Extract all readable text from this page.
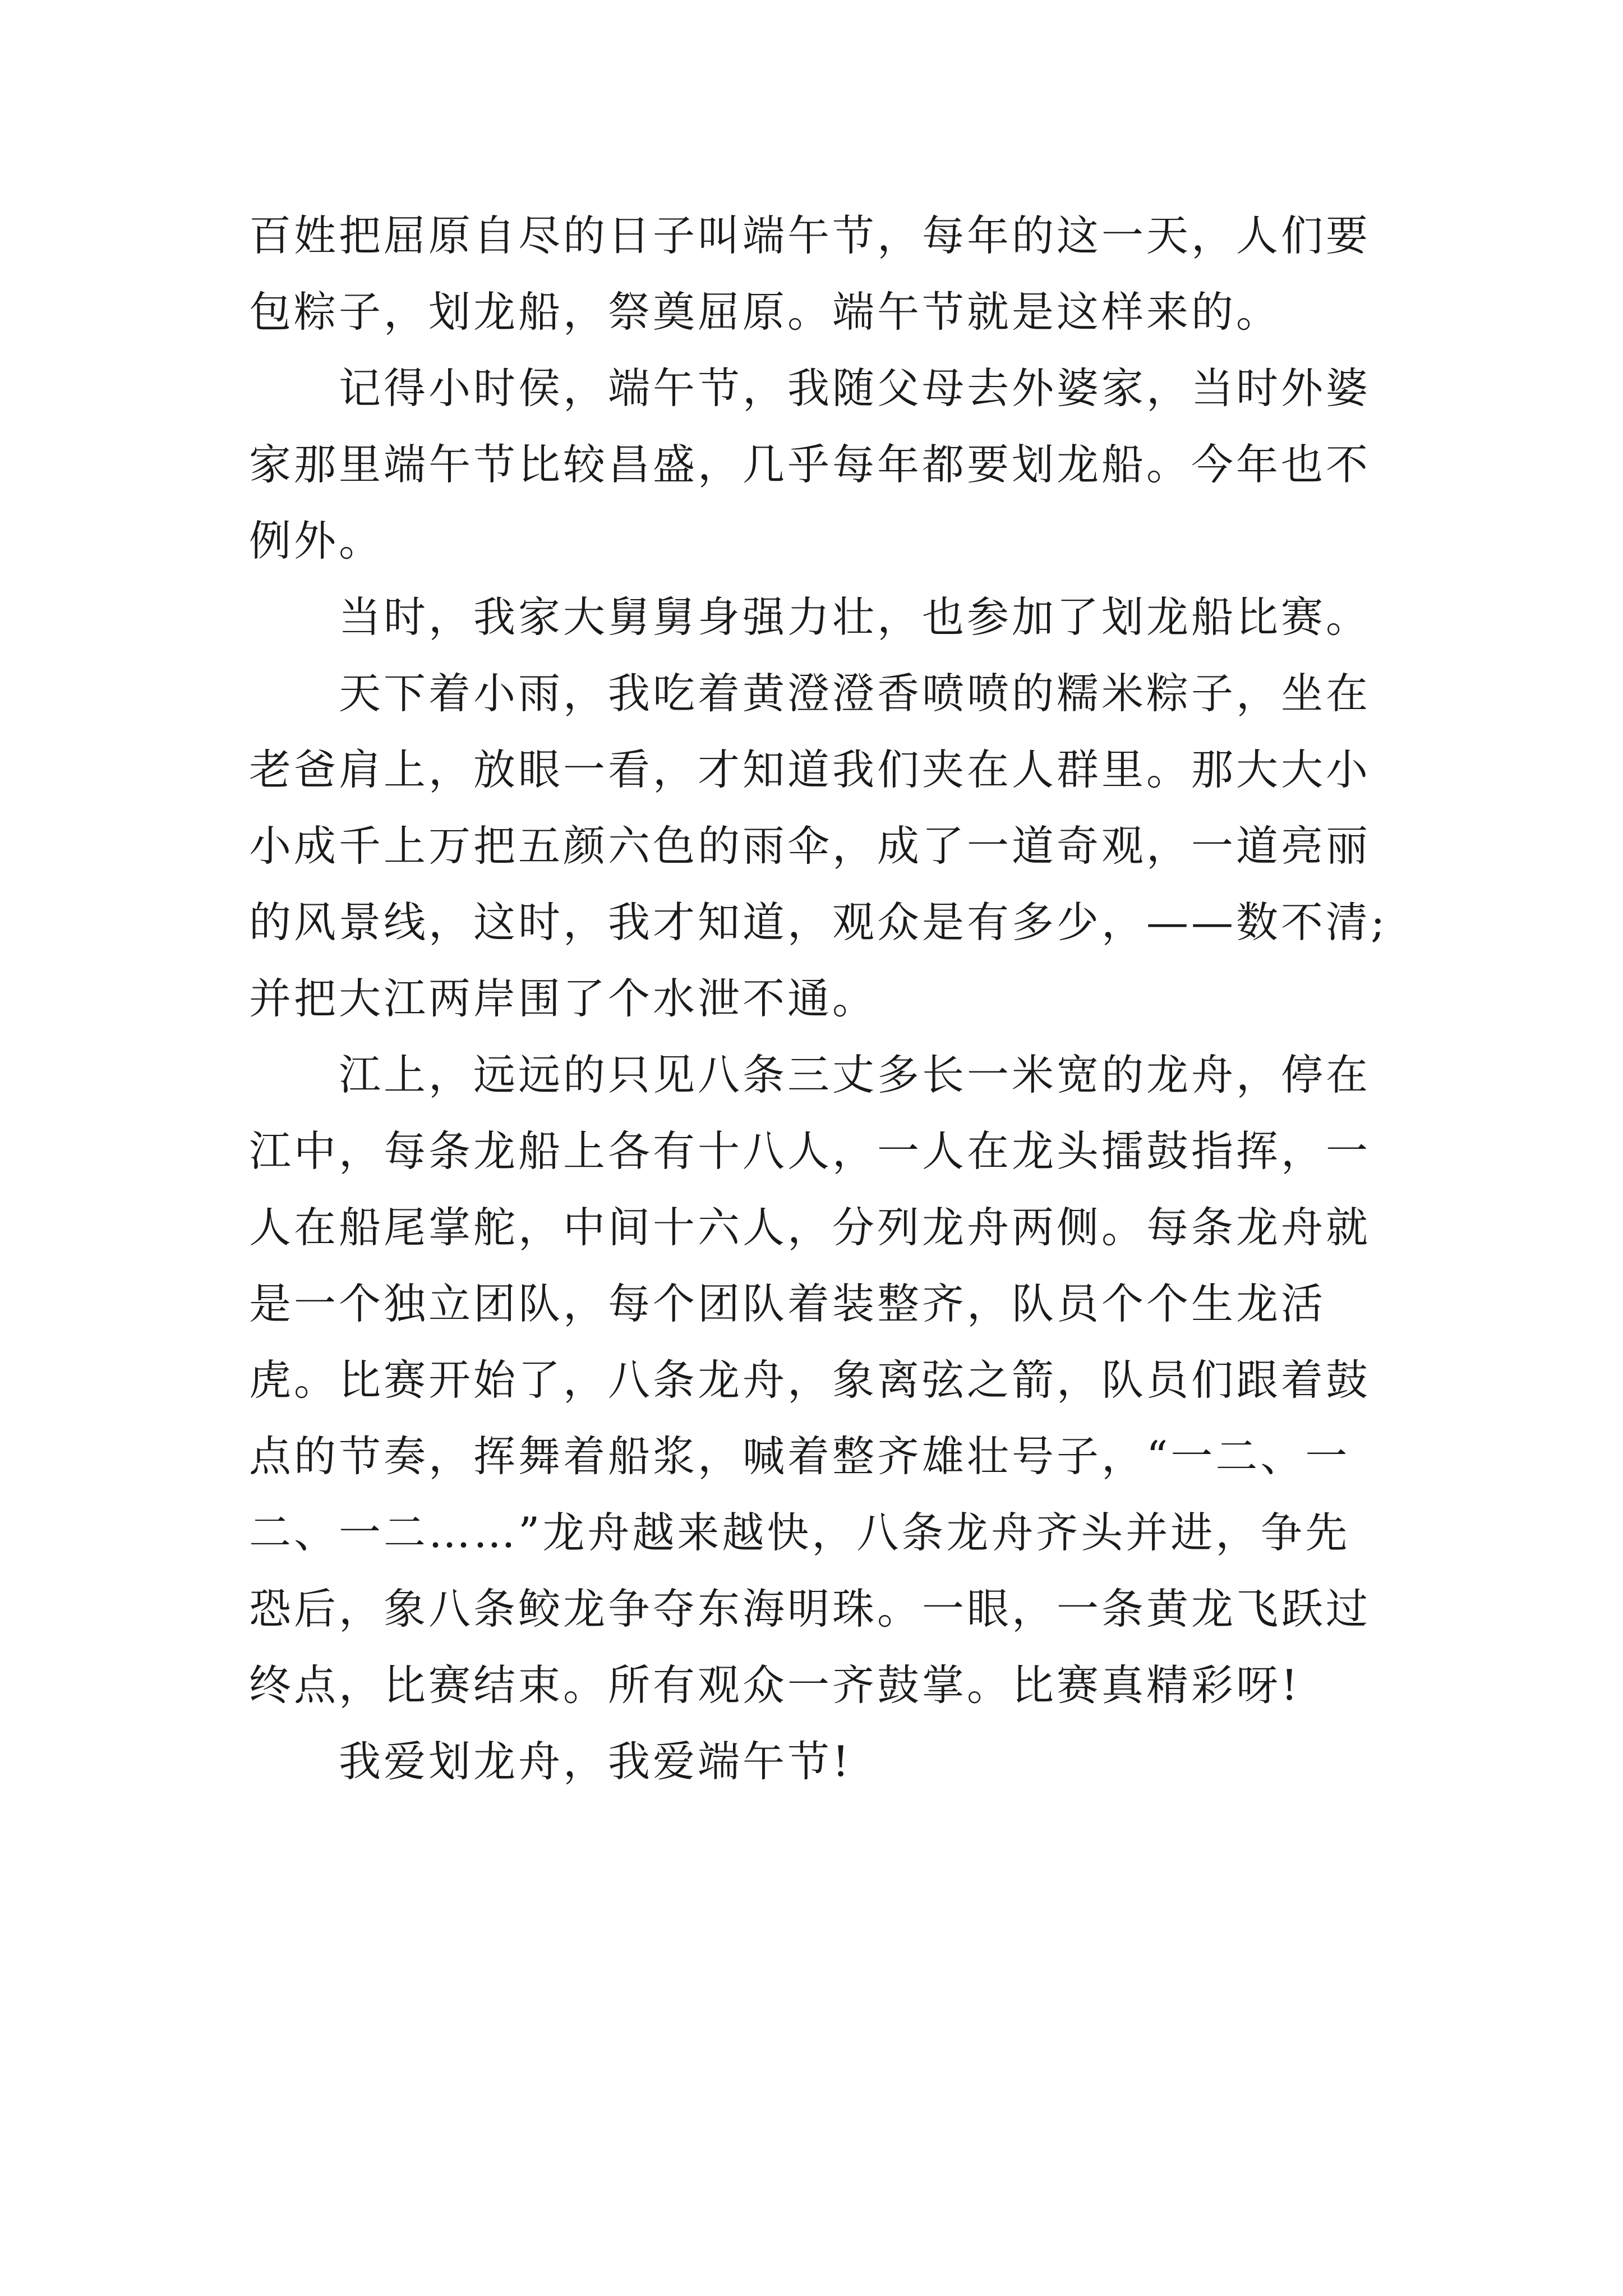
百姓把屈原自尽的日子叫端午节，每年的这一天，人们要包粽子，划龙船，祭奠屈原。端午节就是这样来的。

记得小时侯，端午节，我随父母去外婆家，当时外婆家那里端午节比较昌盛，几乎每年都要划龙船。今年也不例外。

当时，我家大舅舅身强力壮，也参加了划龙船比赛。

天下着小雨，我吃着黄澄澄香喷喷的糯米粽子，坐在老爸肩上，放眼一看，才知道我们夹在人群里。那大大小小成千上万把五颜六色的雨伞，成了一道奇观，一道亮丽的风景线，这时，我才知道，观众是有多少，——数不清;并把大江两岸围了个水泄不通。

江上，远远的只见八条三丈多长一米宽的龙舟，停在江中，每条龙船上各有十八人，一人在龙头擂鼓指挥，一人在船尾掌舵，中间十六人，分列龙舟两侧。每条龙舟就是一个独立团队，每个团队着装整齐，队员个个生龙活虎。比赛开始了，八条龙舟，象离弦之箭，队员们跟着鼓点的节奏，挥舞着船浆，喊着整齐雄壮号子，“一二、一二、一二……”龙舟越来越快，八条龙舟齐头并进，争先恐后，象八条鲛龙争夺东海明珠。一眼，一条黄龙飞跃过终点，比赛结束。所有观众一齐鼓掌。比赛真精彩呀!

我爱划龙舟，我爱端午节!
